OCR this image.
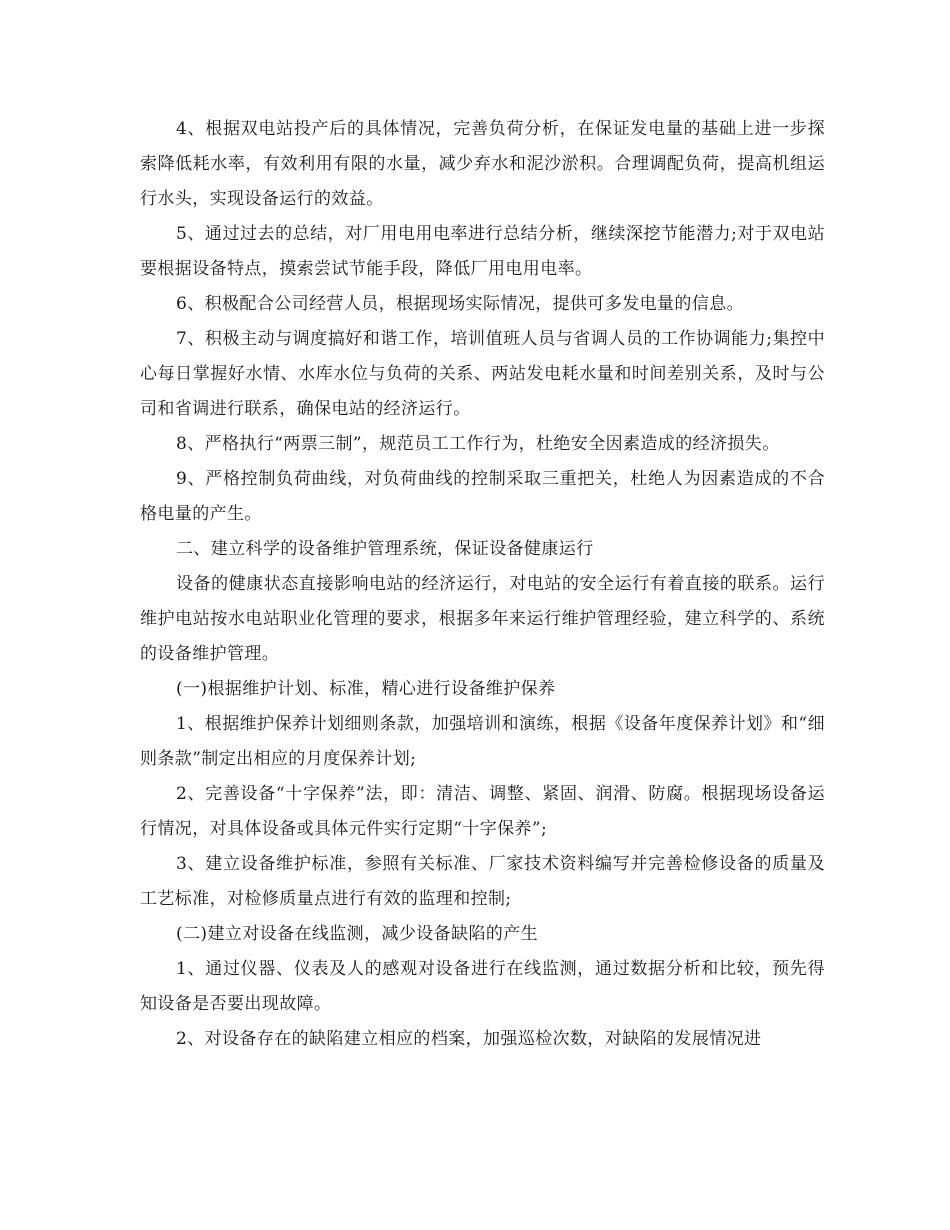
4、根据双电站投产后的具体情况，完善负荷分析，在保证发电量的基础上进一步探索降低耗水率，有效利用有限的水量，减少弃水和泥沙淤积。合理调配负荷，提高机组运行水头，实现设备运行的效益。

5、通过过去的总结，对厂用电用电率进行总结分析，继续深挖节能潜力;对于双电站要根据设备特点，摸索尝试节能手段，降低厂用电用电率。

6、积极配合公司经营人员，根据现场实际情况，提供可多发电量的信息。

7、积极主动与调度搞好和谐工作，培训值班人员与省调人员的工作协调能力;集控中心每日掌握好水情、水库水位与负荷的关系、两站发电耗水量和时间差别关系，及时与公司和省调进行联系，确保电站的经济运行。

8、严格执行“两票三制”，规范员工工作行为，杜绝安全因素造成的经济损失。

9、严格控制负荷曲线，对负荷曲线的控制采取三重把关，杜绝人为因素造成的不合格电量的产生。

二、建立科学的设备维护管理系统，保证设备健康运行

设备的健康状态直接影响电站的经济运行，对电站的安全运行有着直接的联系。运行维护电站按水电站职业化管理的要求，根据多年来运行维护管理经验，建立科学的、系统的设备维护管理。

(一)根据维护计划、标准，精心进行设备维护保养

1、根据维护保养计划细则条款，加强培训和演练，根据《设备年度保养计划》和“细则条款”制定出相应的月度保养计划;

2、完善设备“十字保养”法，即：清洁、调整、紧固、润滑、防腐。根据现场设备运行情况，对具体设备或具体元件实行定期“十字保养”;

3、建立设备维护标准，参照有关标准、厂家技术资料编写并完善检修设备的质量及工艺标准，对检修质量点进行有效的监理和控制;

(二)建立对设备在线监测，减少设备缺陷的产生

1、通过仪器、仪表及人的感观对设备进行在线监测，通过数据分析和比较，预先得知设备是否要出现故障。

2、对设备存在的缺陷建立相应的档案，加强巡检次数，对缺陷的发展情况进
